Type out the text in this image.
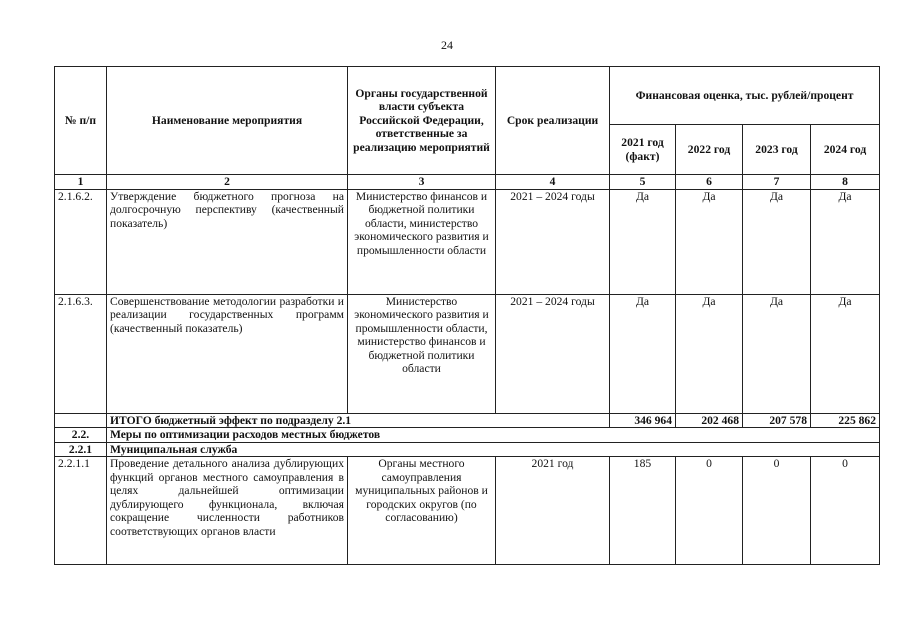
24
№ п/п	Наименование мероприятия	Органы государственной власти субъекта Российской Федерации, ответственные за реализацию мероприятий	Срок реализации	Финансовая оценка, тыс. рублей/процент			
				2021 год (факт)	2022 год	2023 год	2024 год
1	2	3	4	5	6	7	8
2.1.6.2.	Утверждение бюджетного прогноза на долгосрочную перспективу (качественный показатель)	Министерство финансов и бюджетной политики области, министерство экономического развития и промышленности области	2021 – 2024 годы	Да	Да	Да	Да
2.1.6.3.	Совершенствование методологии разработки и реализации государственных программ (качественный показатель)	Министерство экономического развития и промышленности области, министерство финансов и бюджетной политики области	2021 – 2024 годы	Да	Да	Да	Да
	ИТОГО бюджетный эффект по подразделу 2.1			346 964	202 468	207 578	225 862
2.2.	Меры по оптимизации расходов местных бюджетов						
2.2.1	Муниципальная служба						
2.2.1.1	Проведение детального анализа дублирующих функций органов местного самоуправления в целях дальнейшей оптимизации дублирующего функционала, включая сокращение численности работников соответствующих органов власти	Органы местного самоуправления муниципальных районов и городских округов (по согласованию)	2021 год	185	0	0	0
